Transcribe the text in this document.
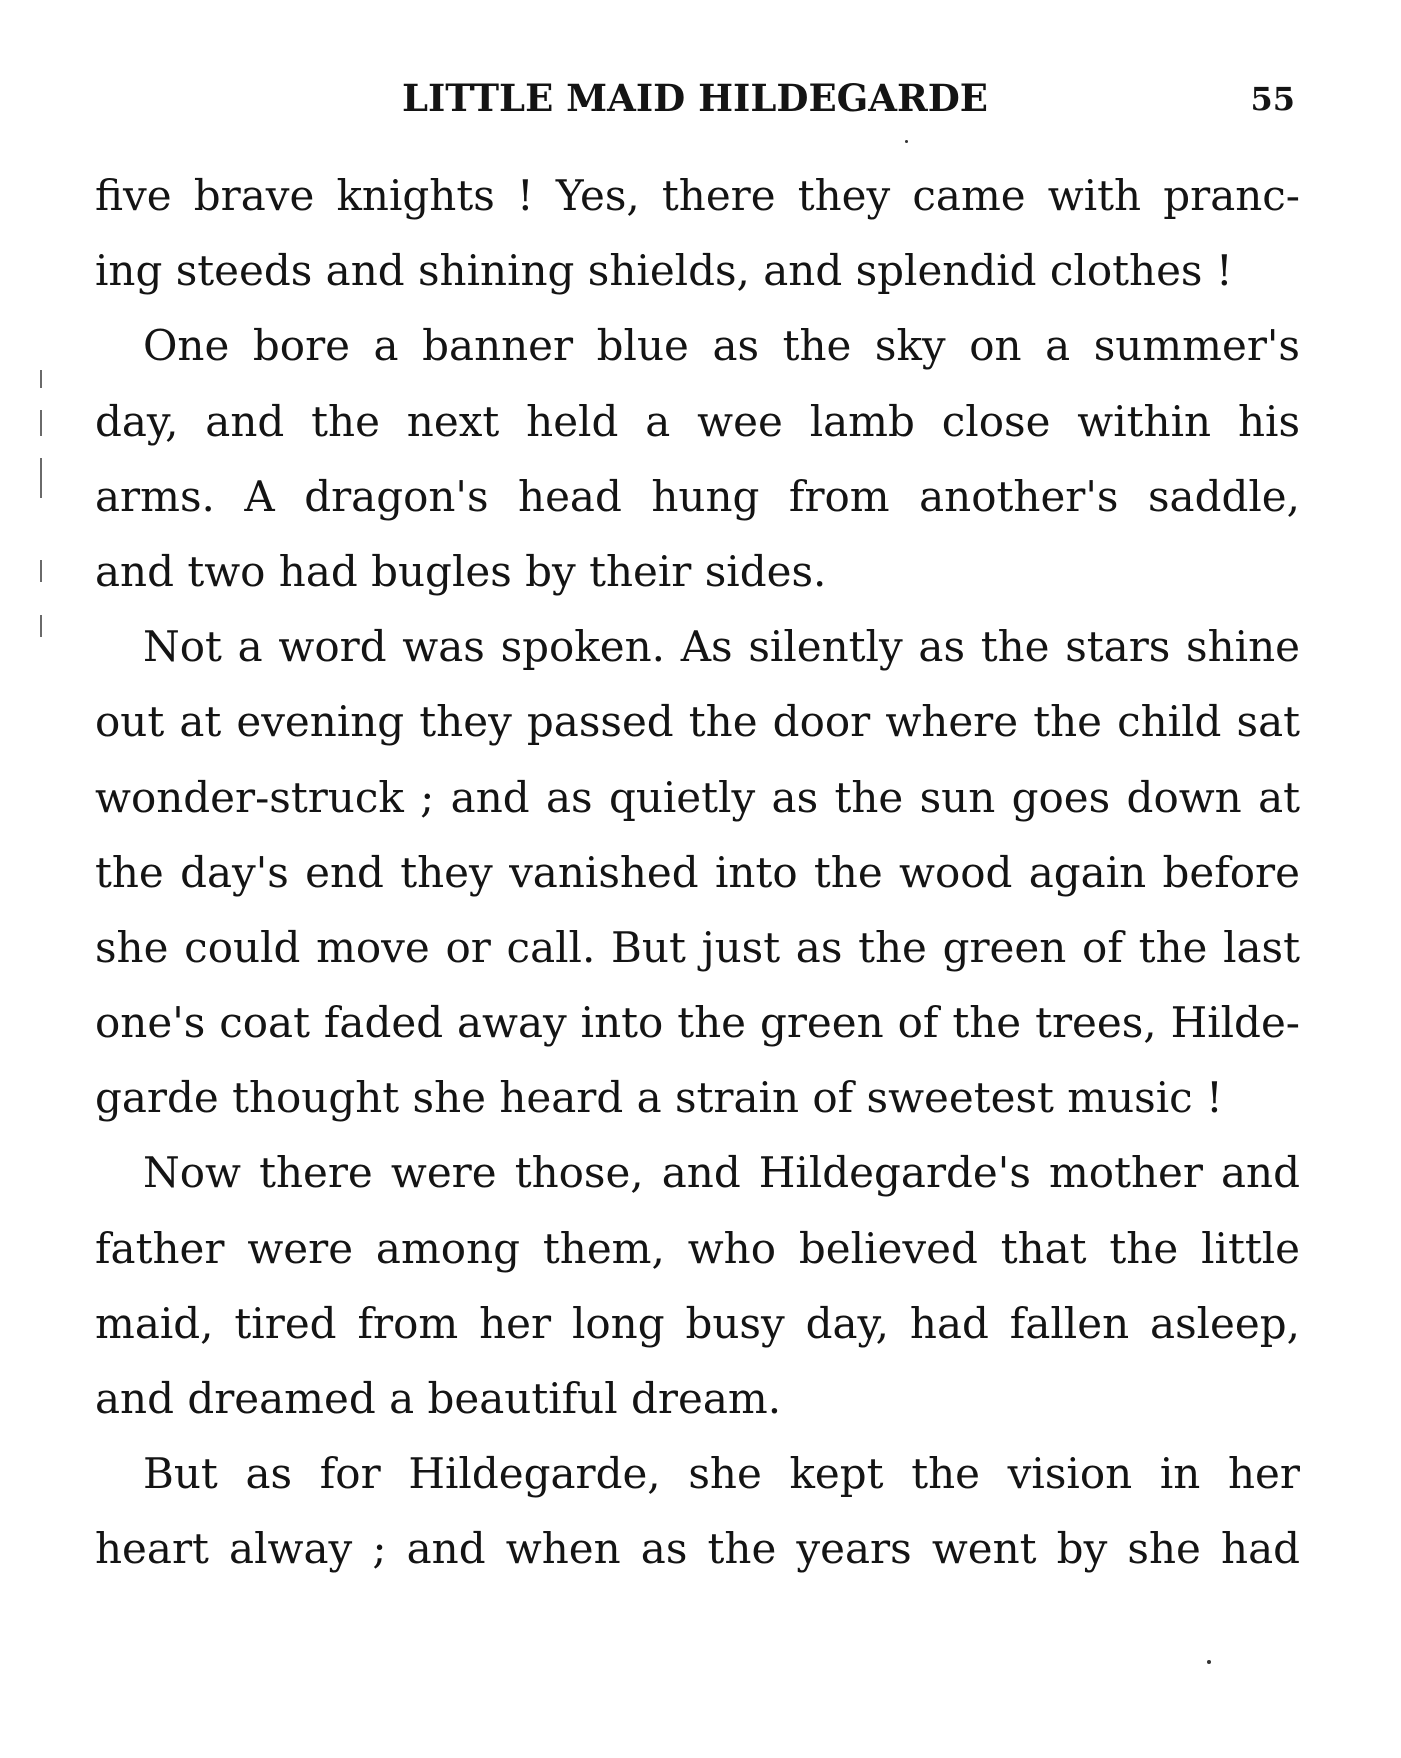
LITTLE MAID HILDEGARDE	55
five brave knights ! Yes, there they came with pranc-
ing steeds and shining shields, and splendid clothes !
One bore a banner blue as the sky on a summer's
day, and the next held a wee lamb close within his
arms. A dragon's head hung from another's saddle,
and two had bugles by their sides.
Not a word was spoken. As silently as the stars shine
out at evening they passed the door where the child sat
wonder-struck ; and as quietly as the sun goes down at
the day's end they vanished into the wood again before
she could move or call. But just as the green of the last
one's coat faded away into the green of the trees, Hilde-
garde thought she heard a strain of sweetest music !
Now there were those, and Hildegarde's mother and
father were among them, who believed that the little
maid, tired from her long busy day, had fallen asleep,
and dreamed a beautiful dream.
But as for Hildegarde, she kept the vision in her
heart alway ; and when as the years went by she had
